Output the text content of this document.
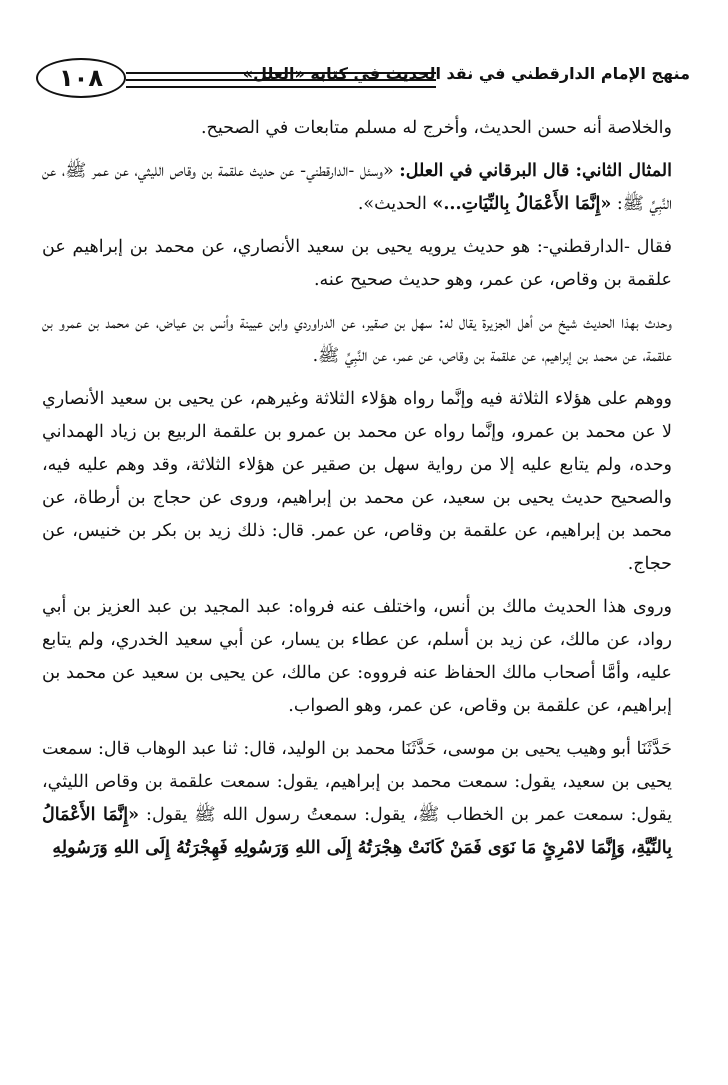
١٠٨	منهج الإمام الدارقطني في نقد الحديث في كتابه «العلل»

والخلاصة أنه حسن الحديث، وأخرج له مسلم متابعات في الصحيح.

المثال الثاني: قال البرقاني في العلل: «وسئل -الدارقطني- عن حديث علقمة بن وقاص الليثي، عن عمر ﷺ، عن النَّبِيِّ ﷺ: «إِنَّمَا الأَعْمَالُ بِالنِّيَاتِ...» الحديث».

فقال -الدارقطني-: هو حديث يرويه يحيى بن سعيد الأنصاري، عن محمد بن إبراهيم عن علقمة بن وقاص، عن عمر، وهو حديث صحيح عنه.

وحدث بهذا الحديث شيخ من أهل الجزيرة يقال له: سهل بن صقير، عن الدراوردي وابن عيينة وأنس بن عياض، عن محمد بن عمرو بن علقمة، عن محمد بن إبراهيم، عن علقمة بن وقاص، عن عمر، عن النَّبِيِّ ﷺ.

ووهم على هؤلاء الثلاثة فيه وإنَّما رواه هؤلاء الثلاثة وغيرهم، عن يحيى بن سعيد الأنصاري لا عن محمد بن عمرو، وإنَّما رواه عن محمد بن عمرو بن علقمة الربيع بن زياد الهمداني وحده، ولم يتابع عليه إلا من رواية سهل بن صقير عن هؤلاء الثلاثة، وقد وهم عليه فيه، والصحيح حديث يحيى بن سعيد، عن محمد بن إبراهيم، وروى عن حجاج بن أرطاة، عن محمد بن إبراهيم، عن علقمة بن وقاص، عن عمر. قال: ذلك زيد بن بكر بن خنيس، عن حجاج.

وروى هذا الحديث مالك بن أنس، واختلف عنه فرواه: عبد المجيد بن عبد العزيز بن أبي رواد، عن مالك، عن زيد بن أسلم، عن عطاء بن يسار، عن أبي سعيد الخدري، ولم يتابع عليه، وأمَّا أصحاب مالك الحفاظ عنه فرووه: عن مالك، عن يحيى بن سعيد عن محمد بن إبراهيم، عن علقمة بن وقاص، عن عمر، وهو الصواب.

حَدَّثَنَا أبو وهيب يحيى بن موسى، حَدَّثَنَا محمد بن الوليد، قال: ثنا عبد الوهاب قال: سمعت يحيى بن سعيد، يقول: سمعت محمد بن إبراهيم، يقول: سمعت علقمة بن وقاص الليثي، يقول: سمعت عمر بن الخطاب ﷺ، يقول: سمعتُ رسول الله ﷺ يقول: «إِنَّمَا الأَعْمَالُ بِالنِّيَّةِ، وَإِنَّمَا لامْرِئٍ مَا نَوَى فَمَنْ كَانَتْ هِجْرَتُهُ إِلَى اللهِ وَرَسُولِهِ فَهِجْرَتُهُ إِلَى اللهِ وَرَسُولِهِ
